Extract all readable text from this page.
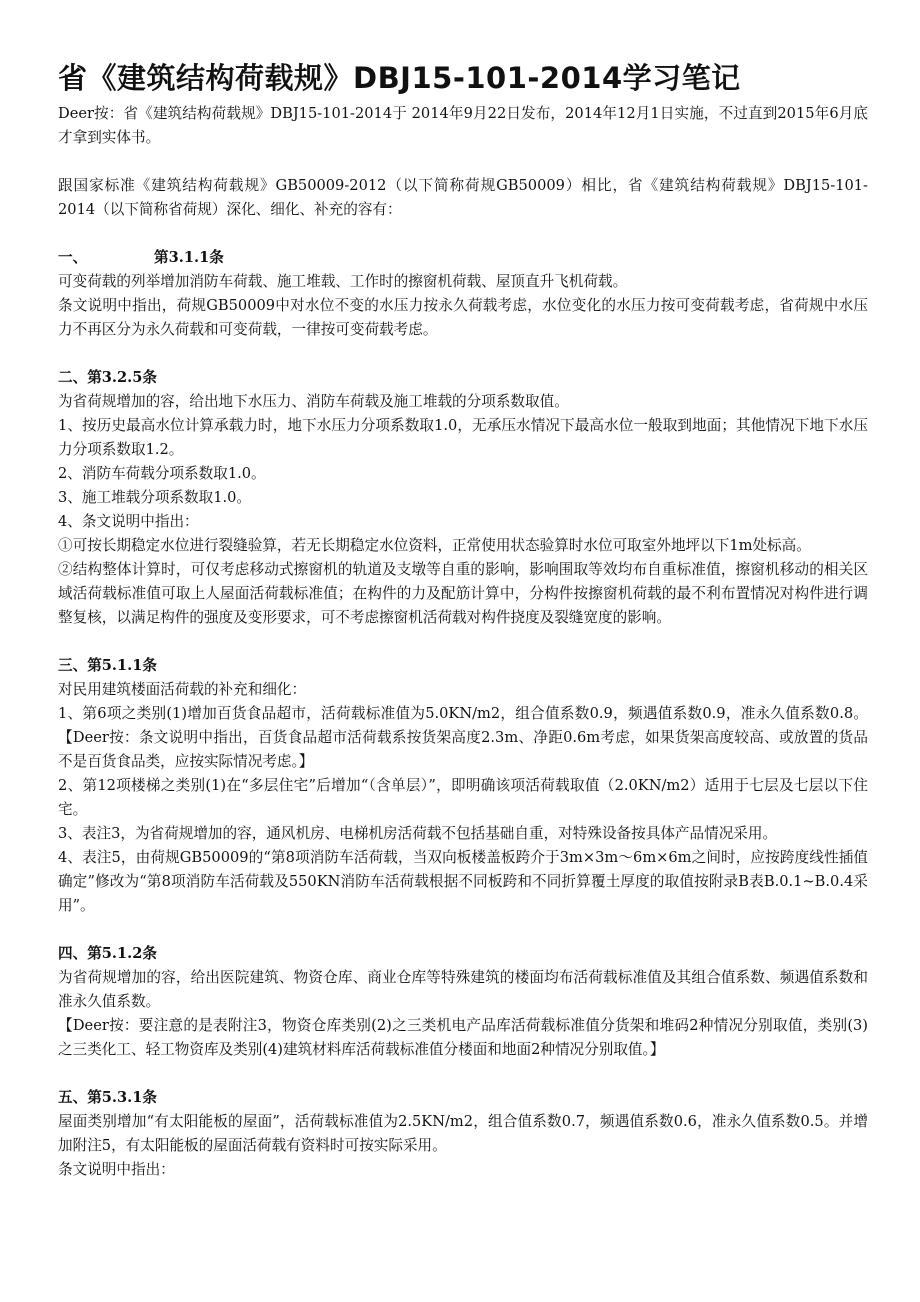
省《建筑结构荷载规》DBJ15-101-2014学习笔记

Deer按：省《建筑结构荷载规》DBJ15-101-2014于 2014年9月22日发布，2014年12月1日实施，不过直到2015年6月底才拿到实体书。

跟国家标准《建筑结构荷载规》GB50009-2012（以下简称荷规GB50009）相比，省《建筑结构荷载规》DBJ15-101-2014（以下简称省荷规）深化、细化、补充的容有：

一、	第3.1.1条

可变荷载的列举增加消防车荷载、施工堆载、工作时的擦窗机荷载、屋顶直升飞机荷载。

条文说明中指出，荷规GB50009中对水位不变的水压力按永久荷载考虑，水位变化的水压力按可变荷载考虑，省荷规中水压力不再区分为永久荷载和可变荷载，一律按可变荷载考虑。

二、第3.2.5条

为省荷规增加的容，给出地下水压力、消防车荷载及施工堆载的分项系数取值。

1、按历史最高水位计算承载力时，地下水压力分项系数取1.0，无承压水情况下最高水位一般取到地面；其他情况下地下水压力分项系数取1.2。

2、消防车荷载分项系数取1.0。

3、施工堆载分项系数取1.0。

4、条文说明中指出：

①可按长期稳定水位进行裂缝验算，若无长期稳定水位资料，正常使用状态验算时水位可取室外地坪以下1m处标高。

②结构整体计算时，可仅考虑移动式擦窗机的轨道及支墩等自重的影响，影响围取等效均布自重标准值，擦窗机移动的相关区域活荷载标准值可取上人屋面活荷载标准值；在构件的力及配筋计算中，分构件按擦窗机荷载的最不利布置情况对构件进行调整复核，以满足构件的强度及变形要求，可不考虑擦窗机活荷载对构件挠度及裂缝宽度的影响。

三、第5.1.1条

对民用建筑楼面活荷载的补充和细化：

1、第6项之类别(1)增加百货食品超市，活荷载标准值为5.0KN/m2，组合值系数0.9，频遇值系数0.9，准永久值系数0.8。【Deer按：条文说明中指出，百货食品超市活荷载系按货架高度2.3m、净距0.6m考虑，如果货架高度较高、或放置的货品不是百货食品类，应按实际情况考虑。】

2、第12项楼梯之类别(1)在“多层住宅”后增加“（含单层）”，即明确该项活荷载取值（2.0KN/m2）适用于七层及七层以下住宅。

3、表注3，为省荷规增加的容，通风机房、电梯机房活荷载不包括基础自重，对特殊设备按具体产品情况采用。

4、表注5，由荷规GB50009的“第8项消防车活荷载，当双向板楼盖板跨介于3m×3m～6m×6m之间时，应按跨度线性插值确定”修改为“第8项消防车活荷载及550KN消防车活荷载根据不同板跨和不同折算覆土厚度的取值按附录B表B.0.1~B.0.4采用”。

四、第5.1.2条

为省荷规增加的容，给出医院建筑、物资仓库、商业仓库等特殊建筑的楼面均布活荷载标准值及其组合值系数、频遇值系数和准永久值系数。

【Deer按：要注意的是表附注3，物资仓库类别(2)之三类机电产品库活荷载标准值分货架和堆码2种情况分别取值，类别(3)之三类化工、轻工物资库及类别(4)建筑材料库活荷载标准值分楼面和地面2种情况分别取值。】

五、第5.3.1条

屋面类别增加“有太阳能板的屋面”，活荷载标准值为2.5KN/m2，组合值系数0.7，频遇值系数0.6，准永久值系数0.5。并增加附注5，有太阳能板的屋面活荷载有资料时可按实际采用。

条文说明中指出：
